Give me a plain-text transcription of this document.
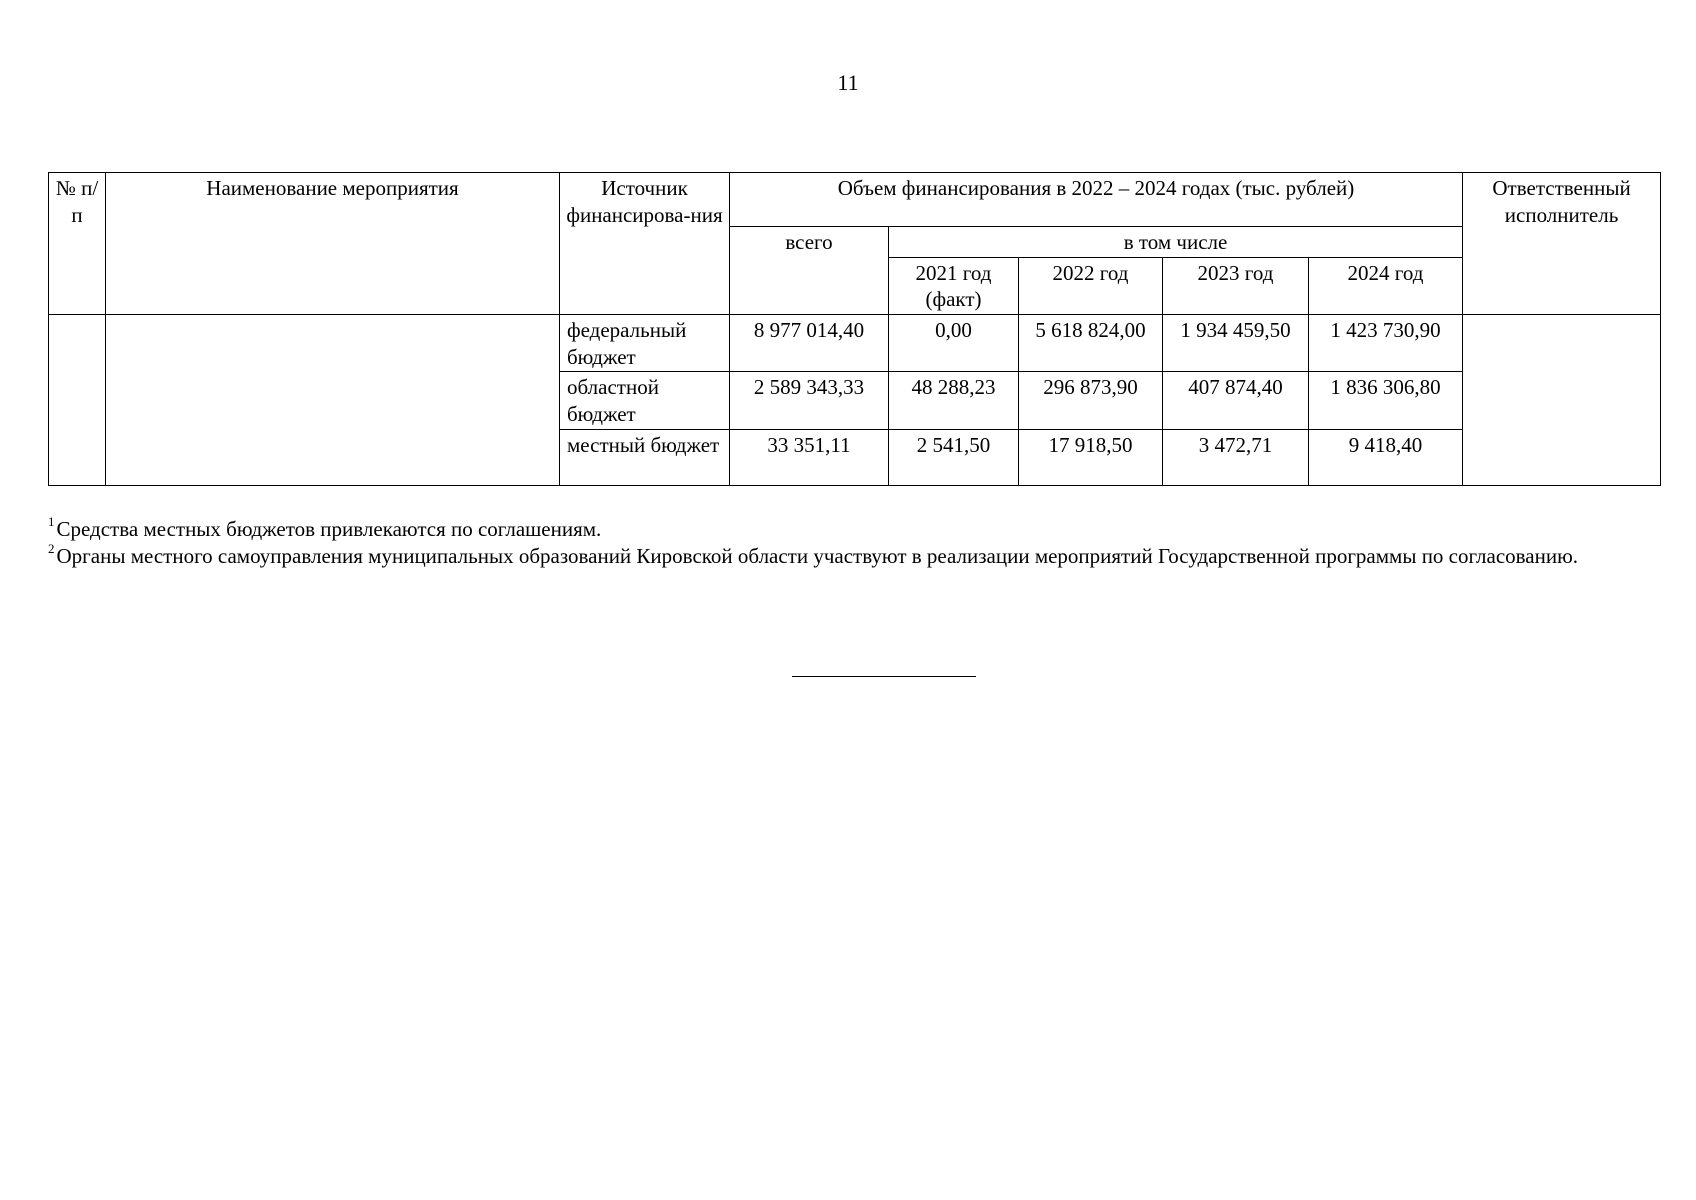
11
№ п/п	Наименование мероприятия	Источник финансирова-ния	Объем финансирования в 2022 – 2024 годах (тыс. рублей)					Ответственный исполнитель
			всего	в том числе				
				2021 год (факт)	2022 год	2023 год	2024 год	
		федеральный бюджет	8 977 014,40	0,00	5 618 824,00	1 934 459,50	1 423 730,90	
		областной бюджет	2 589 343,33	48 288,23	296 873,90	407 874,40	1 836 306,80	
		местный бюджет	33 351,11	2 541,50	17 918,50	3 472,71	9 418,40	

$^1$Средства местных бюджетов привлекаются по соглашениям.

$^2$Органы местного самоуправления муниципальных образований Кировской области участвуют в реализации мероприятий Государственной программы по согласованию.
